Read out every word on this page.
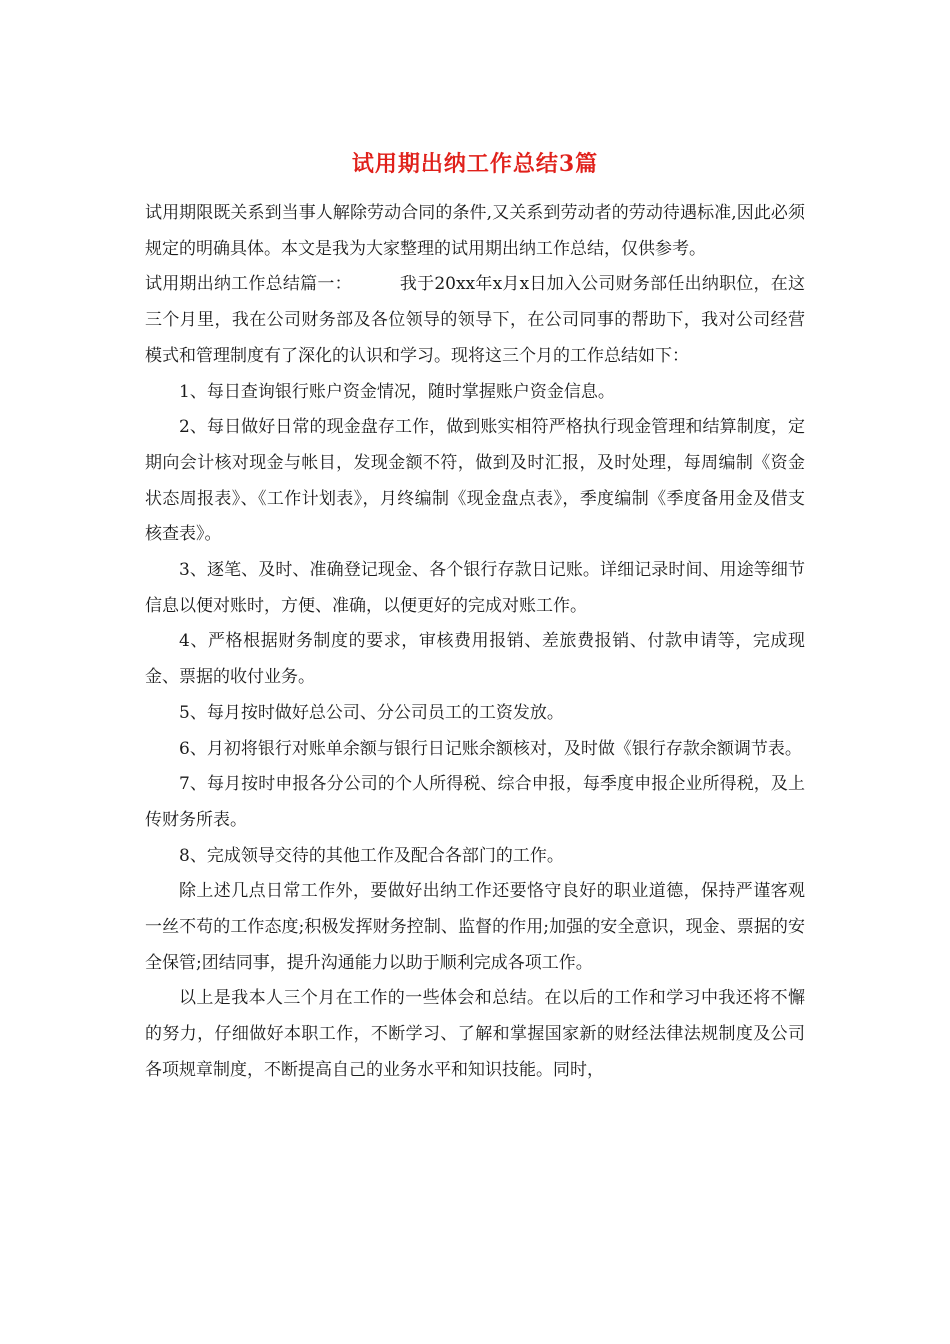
试用期出纳工作总结3篇

试用期限既关系到当事人解除劳动合同的条件,又关系到劳动者的劳动待遇标准,因此必须规定的明确具体。本文是我为大家整理的试用期出纳工作总结，仅供参考。

试用期出纳工作总结篇一：	我于20xx年x月x日加入公司财务部任出纳职位，在这三个月里，我在公司财务部及各位领导的领导下，在公司同事的帮助下，我对公司经营模式和管理制度有了深化的认识和学习。现将这三个月的工作总结如下：

1、每日查询银行账户资金情况，随时掌握账户资金信息。

2、每日做好日常的现金盘存工作，做到账实相符严格执行现金管理和结算制度，定期向会计核对现金与帐目，发现金额不符，做到及时汇报，及时处理，每周编制《资金状态周报表》、《工作计划表》，月终编制《现金盘点表》，季度编制《季度备用金及借支核查表》。

3、逐笔、及时、准确登记现金、各个银行存款日记账。详细记录时间、用途等细节信息以便对账时，方便、准确，以便更好的完成对账工作。

4、严格根据财务制度的要求，审核费用报销、差旅费报销、付款申请等，完成现金、票据的收付业务。

5、每月按时做好总公司、分公司员工的工资发放。

6、月初将银行对账单余额与银行日记账余额核对，及时做《银行存款余额调节表。

7、每月按时申报各分公司的个人所得税、综合申报，每季度申报企业所得税，及上传财务所表。

8、完成领导交待的其他工作及配合各部门的工作。

除上述几点日常工作外，要做好出纳工作还要恪守良好的职业道德，保持严谨客观一丝不苟的工作态度;积极发挥财务控制、监督的作用;加强的安全意识，现金、票据的安全保管;团结同事，提升沟通能力以助于顺利完成各项工作。

以上是我本人三个月在工作的一些体会和总结。在以后的工作和学习中我还将不懈的努力，仔细做好本职工作，不断学习、了解和掌握国家新的财经法律法规制度及公司各项规章制度，不断提高自己的业务水平和知识技能。同时，
